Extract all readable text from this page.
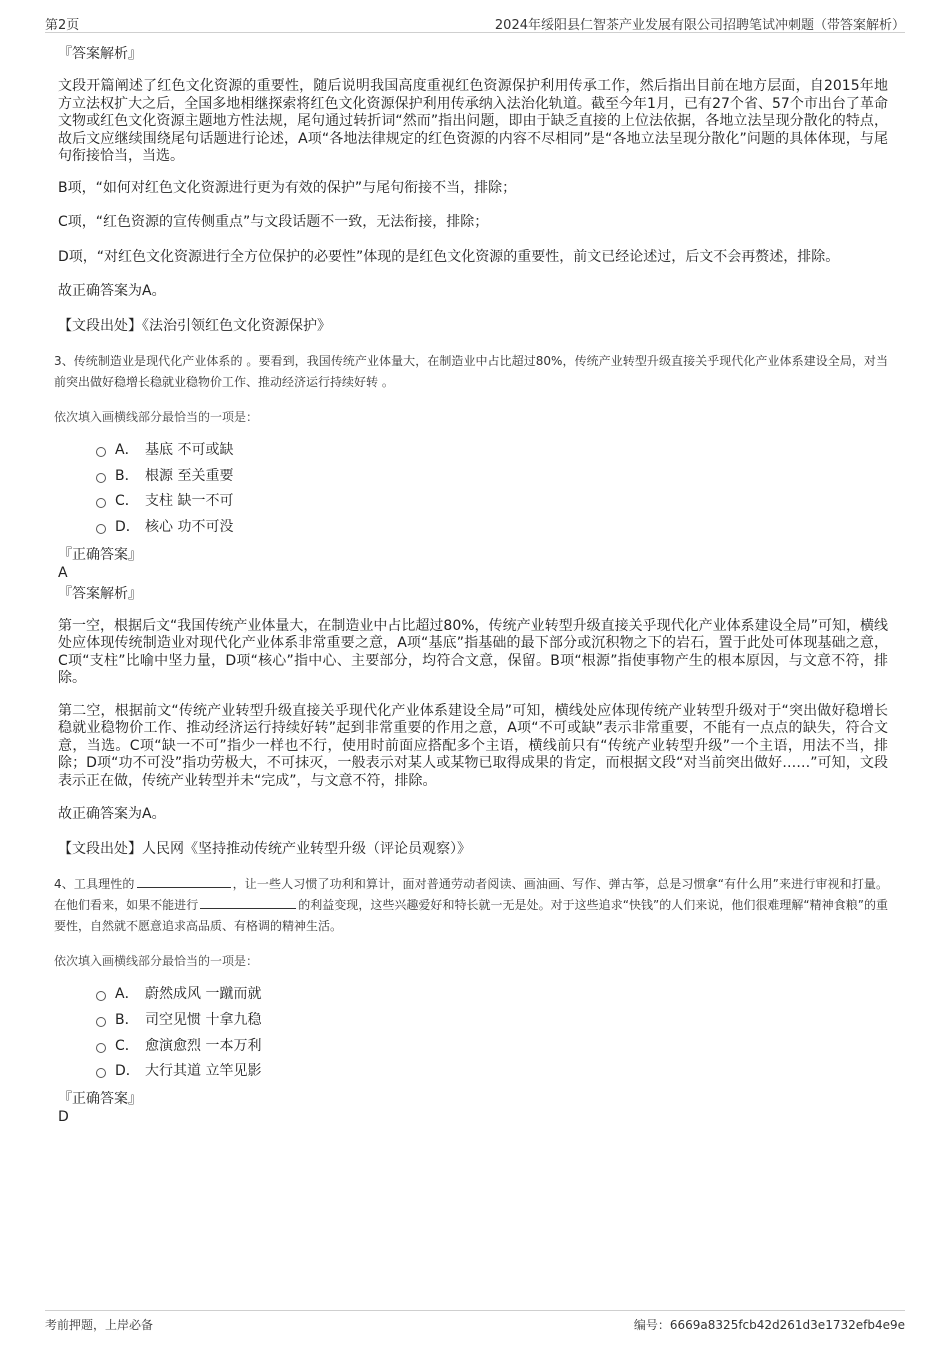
第2页	2024年绥阳县仁智茶产业发展有限公司招聘笔试冲刺题（带答案解析）

『答案解析』

文段开篇阐述了红色文化资源的重要性，随后说明我国高度重视红色资源保护利用传承工作，然后指出目前在地方层面，自2015年地方立法权扩大之后，全国多地相继探索将红色文化资源保护利用传承纳入法治化轨道。截至今年1月，已有27个省、57个市出台了革命文物或红色文化资源主题地方性法规，尾句通过转折词“然而”指出问题，即由于缺乏直接的上位法依据，各地立法呈现分散化的特点，故后文应继续围绕尾句话题进行论述，A项“各地法律规定的红色资源的内容不尽相同”是“各地立法呈现分散化”问题的具体体现，与尾句衔接恰当，当选。

B项，“如何对红色文化资源进行更为有效的保护”与尾句衔接不当，排除；

C项，“红色资源的宣传侧重点”与文段话题不一致，无法衔接，排除；

D项，“对红色文化资源进行全方位保护的必要性”体现的是红色文化资源的重要性，前文已经论述过，后文不会再赘述，排除。

故正确答案为A。

【文段出处】《法治引领红色文化资源保护》

3、传统制造业是现代化产业体系的 。要看到，我国传统产业体量大，在制造业中占比超过80%，传统产业转型升级直接关乎现代化产业体系建设全局，对当前突出做好稳增长稳就业稳物价工作、推动经济运行持续好转 。

依次填入画横线部分最恰当的一项是：

A． 基底 不可或缺
B． 根源 至关重要
C． 支柱 缺一不可
D． 核心 功不可没

『正确答案』

A

『答案解析』

第一空，根据后文“我国传统产业体量大，在制造业中占比超过80%，传统产业转型升级直接关乎现代化产业体系建设全局”可知，横线处应体现传统制造业对现代化产业体系非常重要之意，A项“基底”指基础的最下部分或沉积物之下的岩石，置于此处可体现基础之意，C项“支柱”比喻中坚力量，D项“核心”指中心、主要部分，均符合文意，保留。B项“根源”指使事物产生的根本原因，与文意不符，排除。

第二空，根据前文“传统产业转型升级直接关乎现代化产业体系建设全局”可知，横线处应体现传统产业转型升级对于“突出做好稳增长稳就业稳物价工作、推动经济运行持续好转”起到非常重要的作用之意，A项“不可或缺”表示非常重要，不能有一点点的缺失，符合文意，当选。C项“缺一不可”指少一样也不行，使用时前面应搭配多个主语，横线前只有“传统产业转型升级”一个主语，用法不当，排除；D项“功不可没”指功劳极大，不可抹灭，一般表示对某人或某物已取得成果的肯定，而根据文段“对当前突出做好……”可知，文段表示正在做，传统产业转型并未“完成”，与文意不符，排除。

故正确答案为A。

【文段出处】人民网《坚持推动传统产业转型升级（评论员观察）》

4、工具理性的	，让一些人习惯了功利和算计，面对普通劳动者阅读、画油画、写作、弹古筝，总是习惯拿“有什么用”来进行审视和打量。在他们看来，如果不能进行	的利益变现，这些兴趣爱好和特长就一无是处。对于这些追求“快钱”的人们来说，他们很难理解“精神食粮”的重要性，自然就不愿意追求高品质、有格调的精神生活。

依次填入画横线部分最恰当的一项是：

A． 蔚然成风 一蹴而就
B． 司空见惯 十拿九稳
C． 愈演愈烈 一本万利
D． 大行其道 立竿见影

『正确答案』

D

考前押题，上岸必备	编号：6669a8325fcb42d261d3e1732efb4e9e
